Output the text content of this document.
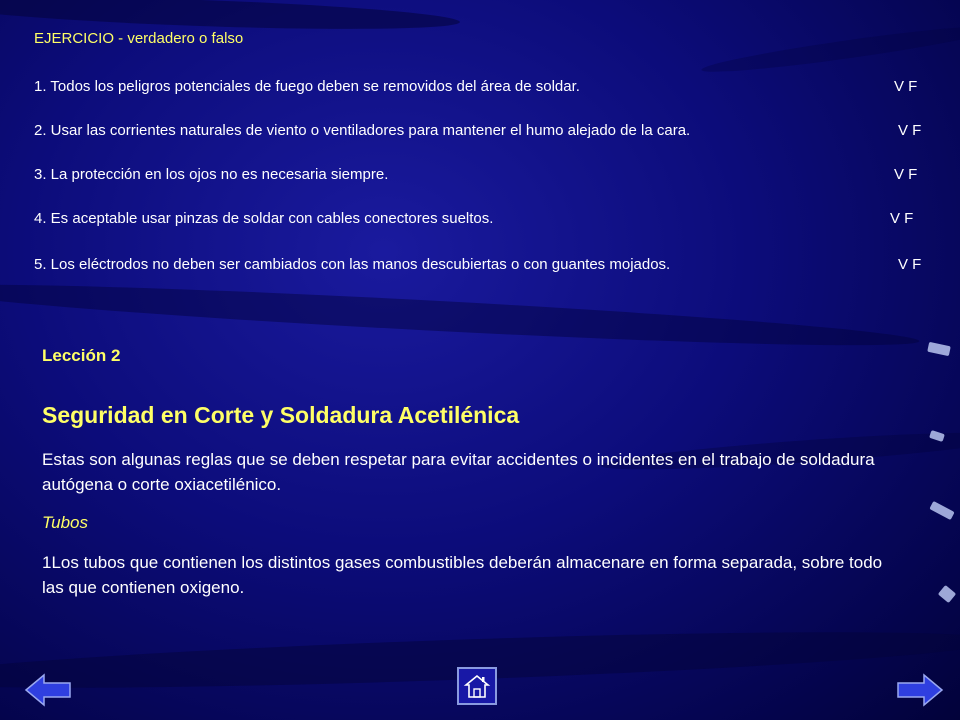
EJERCICIO - verdadero o falso
1. Todos los peligros potenciales de fuego deben se removidos del área de soldar.	V F
2. Usar las corrientes naturales de viento o ventiladores para mantener el humo alejado de la cara.	V F
3. La protección en los ojos no es necesaria siempre.	V F
4. Es aceptable usar pinzas de soldar con cables conectores sueltos.	V F
5. Los eléctrodos no deben ser cambiados con las manos descubiertas o con guantes mojados.	V F
Lección 2
Seguridad en Corte y Soldadura Acetilénica
Estas son algunas reglas que se deben respetar para evitar accidentes o incidentes en el trabajo de soldadura autógena o corte oxiacetilénico.
Tubos
1Los tubos que contienen los distintos gases combustibles deberán almacenare en forma separada, sobre todo las que contienen oxigeno.
